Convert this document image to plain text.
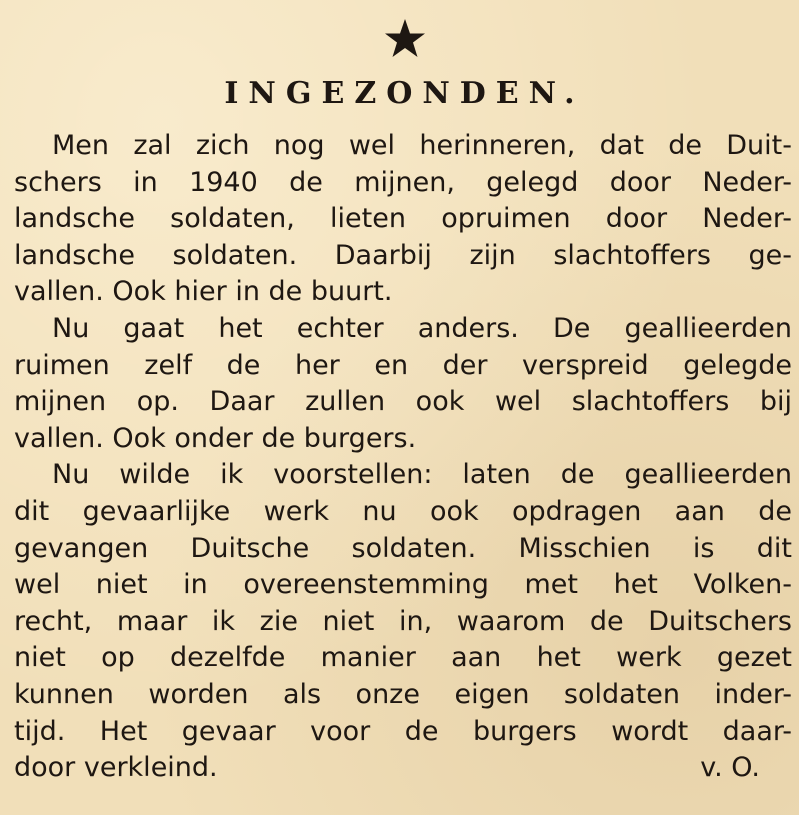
INGEZONDEN.
Men zal zich nog wel herinneren, dat de Duit-
schers in 1940 de mijnen, gelegd door Neder-
landsche soldaten, lieten opruimen door Neder-
landsche soldaten. Daarbij zijn slachtoffers ge-
vallen. Ook hier in de buurt.
Nu gaat het echter anders. De geallieerden
ruimen zelf de her en der verspreid gelegde
mijnen op. Daar zullen ook wel slachtoffers bij
vallen. Ook onder de burgers.
Nu wilde ik voorstellen: laten de geallieerden
dit gevaarlijke werk nu ook opdragen aan de
gevangen Duitsche soldaten. Misschien is dit
wel niet in overeenstemming met het Volken-
recht, maar ik zie niet in, waarom de Duitschers
niet op dezelfde manier aan het werk gezet
kunnen worden als onze eigen soldaten inder-
tijd. Het gevaar voor de burgers wordt daar-
door verkleind.	v. O.
